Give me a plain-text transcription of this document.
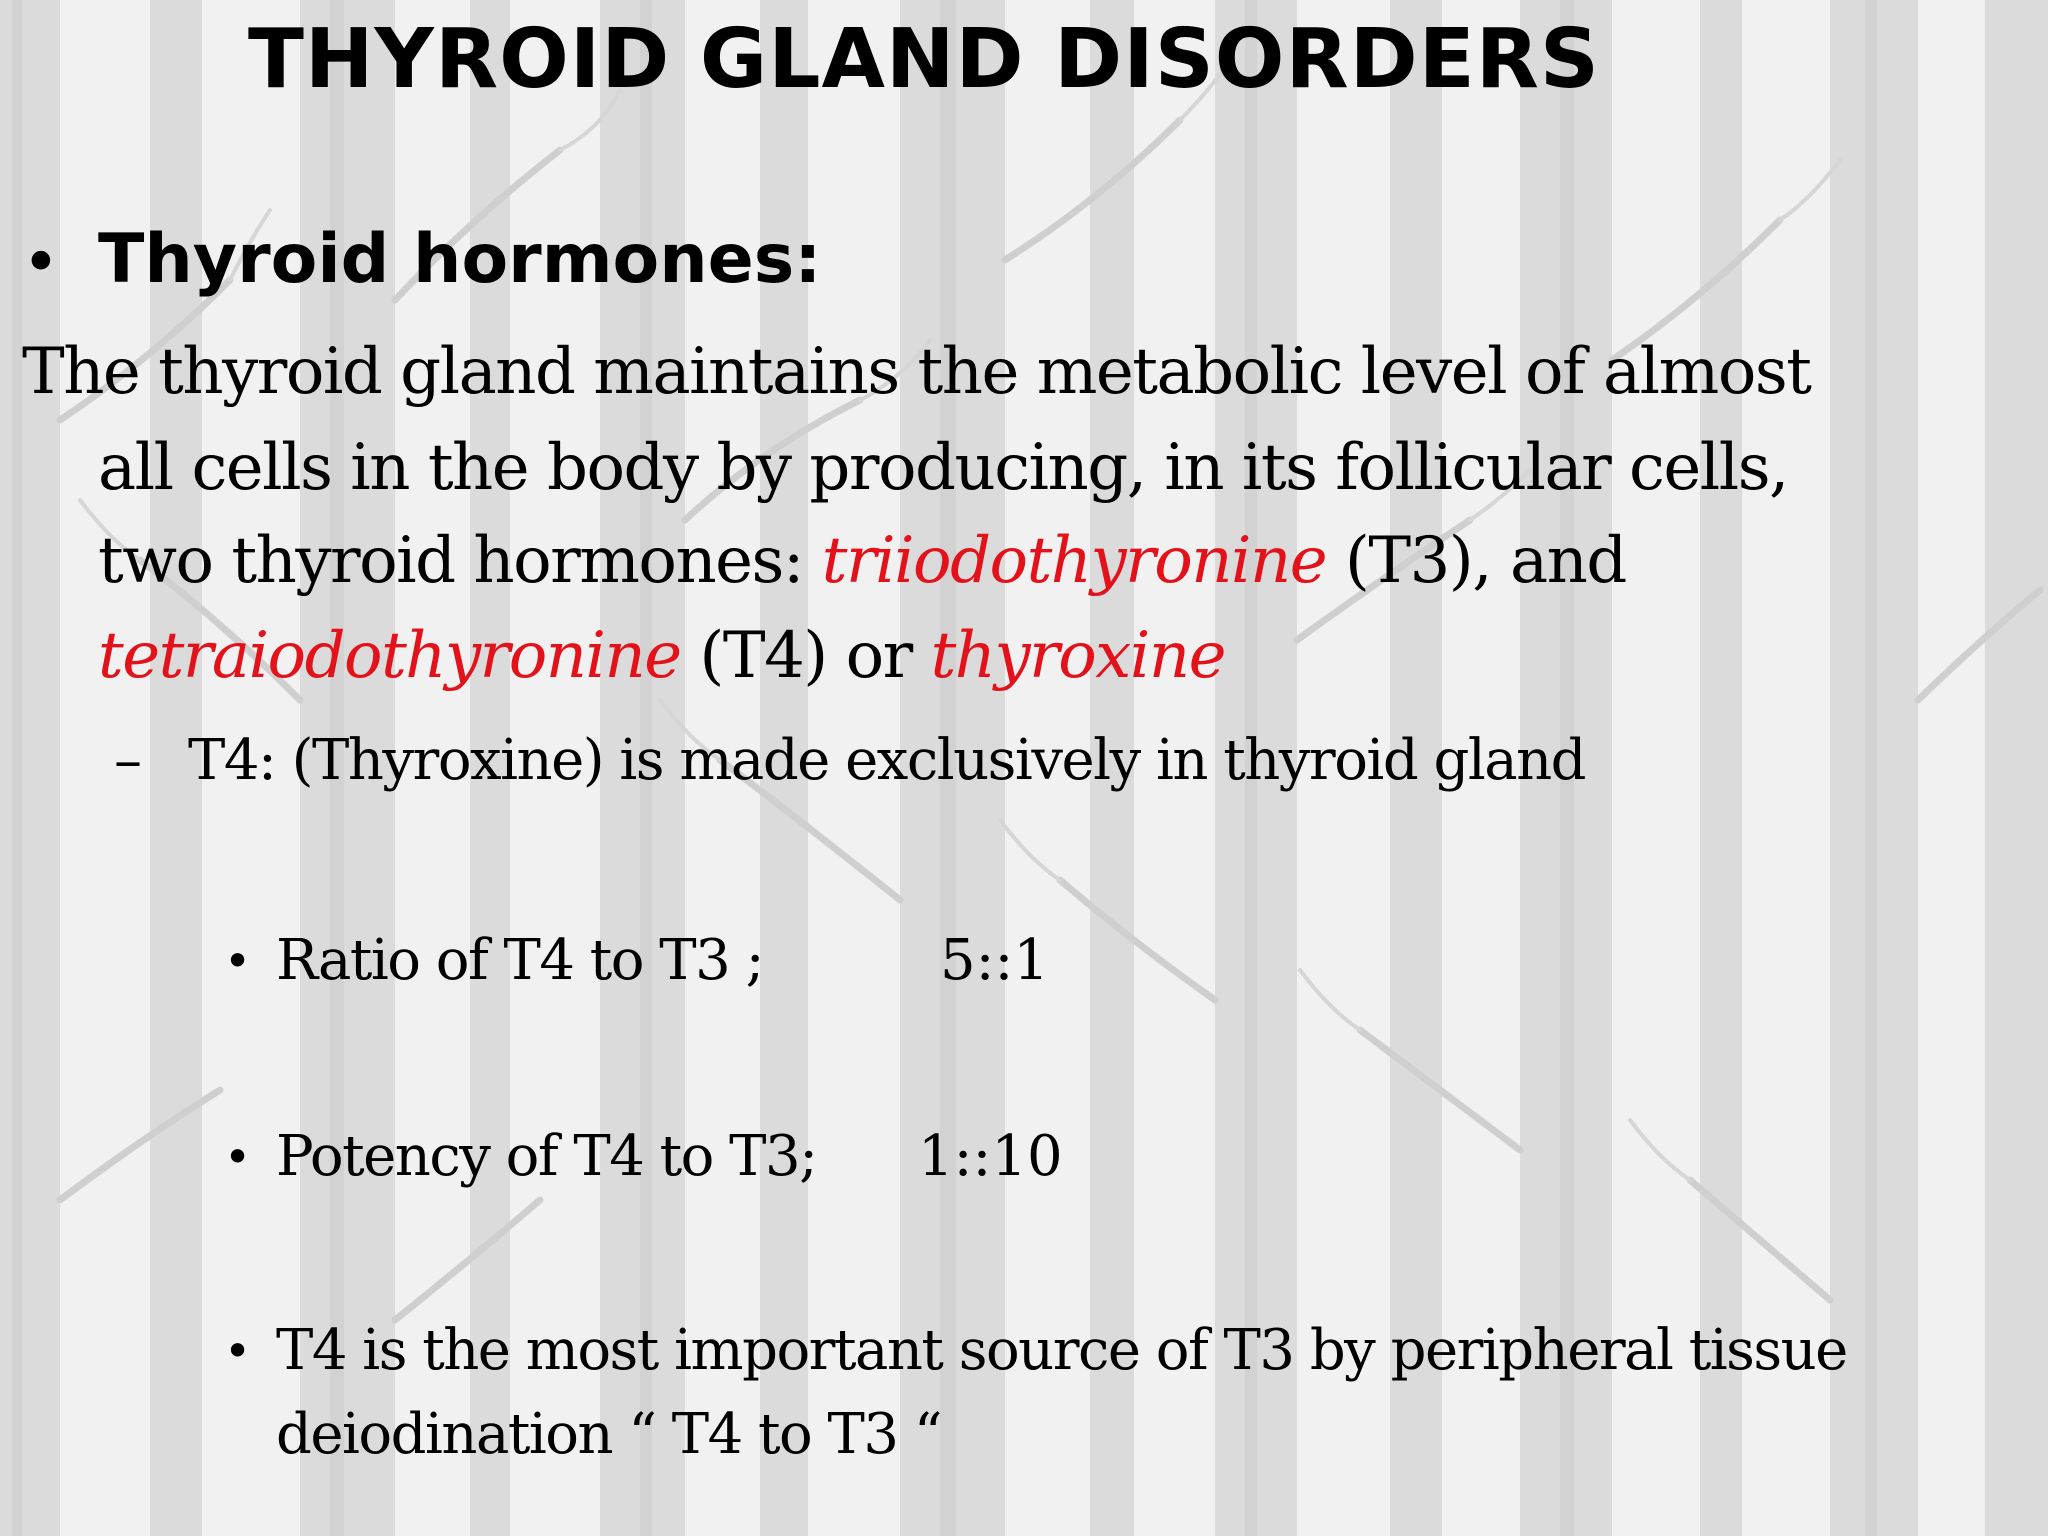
THYROID GLAND DISORDERS
• Thyroid hormones:
The thyroid gland maintains the metabolic level of almost
all cells in the body by producing, in its follicular cells,
two thyroid hormones: triiodothyronine (T3), and
tetraiodothyronine (T4) or thyroxine
– T4: (Thyroxine) is made exclusively in thyroid gland
• Ratio of T4 to T3 ;	5::1
• Potency of T4 to T3; 1::10
• T4 is the most important source of T3 by peripheral tissue
deiodination “ T4 to T3 “
